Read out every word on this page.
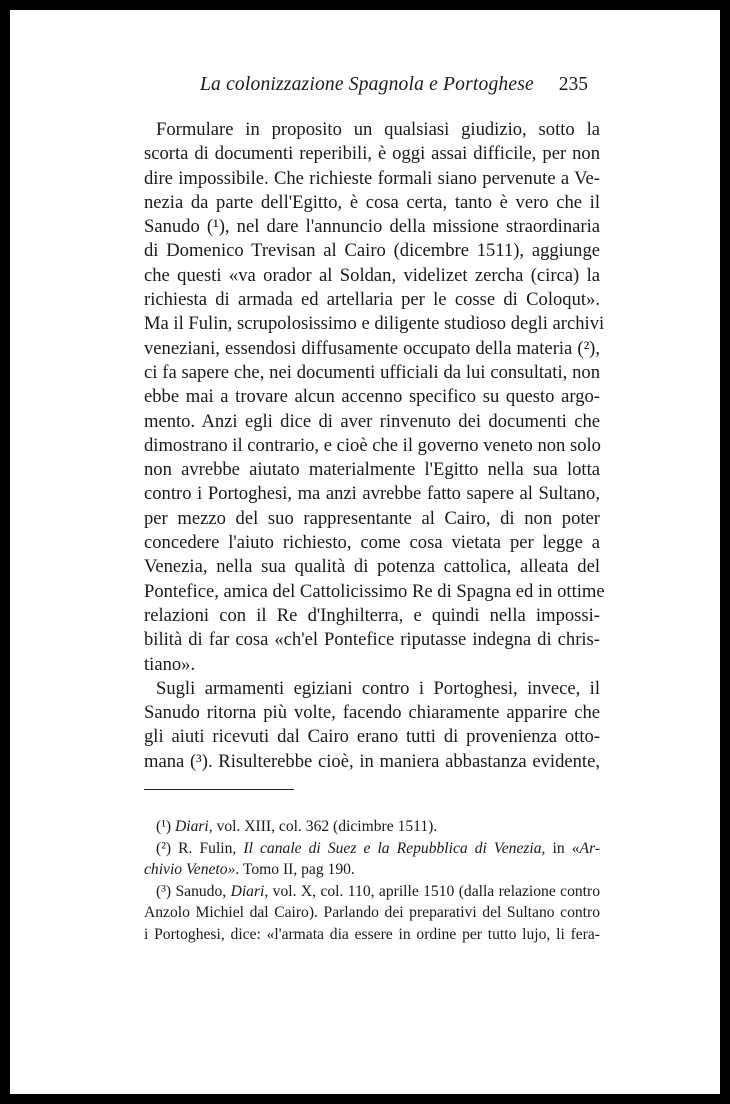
La colonizzazione Spagnola e Portoghese	235
Formulare in proposito un qualsiasi giudizio, sotto la
scorta di documenti reperibili, è oggi assai difficile, per non
dire impossibile. Che richieste formali siano pervenute a Ve-
nezia da parte dell'Egitto, è cosa certa, tanto è vero che il
Sanudo (¹), nel dare l'annuncio della missione straordinaria
di Domenico Trevisan al Cairo (dicembre 1511), aggiunge
che questi «va orador al Soldan, videlizet zercha (circa) la
richiesta di armada ed artellaria per le cosse di Coloqut».
Ma il Fulin, scrupolosissimo e diligente studioso degli archivi
veneziani, essendosi diffusamente occupato della materia (²),
ci fa sapere che, nei documenti ufficiali da lui consultati, non
ebbe mai a trovare alcun accenno specifico su questo argo-
mento. Anzi egli dice di aver rinvenuto dei documenti che
dimostrano il contrario, e cioè che il governo veneto non solo
non avrebbe aiutato materialmente l'Egitto nella sua lotta
contro i Portoghesi, ma anzi avrebbe fatto sapere al Sultano,
per mezzo del suo rappresentante al Cairo, di non poter
concedere l'aiuto richiesto, come cosa vietata per legge a
Venezia, nella sua qualità di potenza cattolica, alleata del
Pontefice, amica del Cattolicissimo Re di Spagna ed in ottime
relazioni con il Re d'Inghilterra, e quindi nella impossi-
bilità di far cosa «ch'el Pontefice riputasse indegna di chris-
tiano».
Sugli armamenti egiziani contro i Portoghesi, invece, il
Sanudo ritorna più volte, facendo chiaramente apparire che
gli aiuti ricevuti dal Cairo erano tutti di provenienza otto-
mana (³). Risulterebbe cioè, in maniera abbastanza evidente,
(¹) Diari, vol. XIII, col. 362 (dicimbre 1511).
(²) R. Fulin, Il canale di Suez e la Repubblica di Venezia, in «Ar-
chivio Veneto». Tomo II, pag 190.
(³) Sanudo, Diari, vol. X, col. 110, aprille 1510 (dalla relazione contro
Anzolo Michiel dal Cairo). Parlando dei preparativi del Sultano contro
i Portoghesi, dice: «l'armata dia essere in ordine per tutto lujo, li fera-
